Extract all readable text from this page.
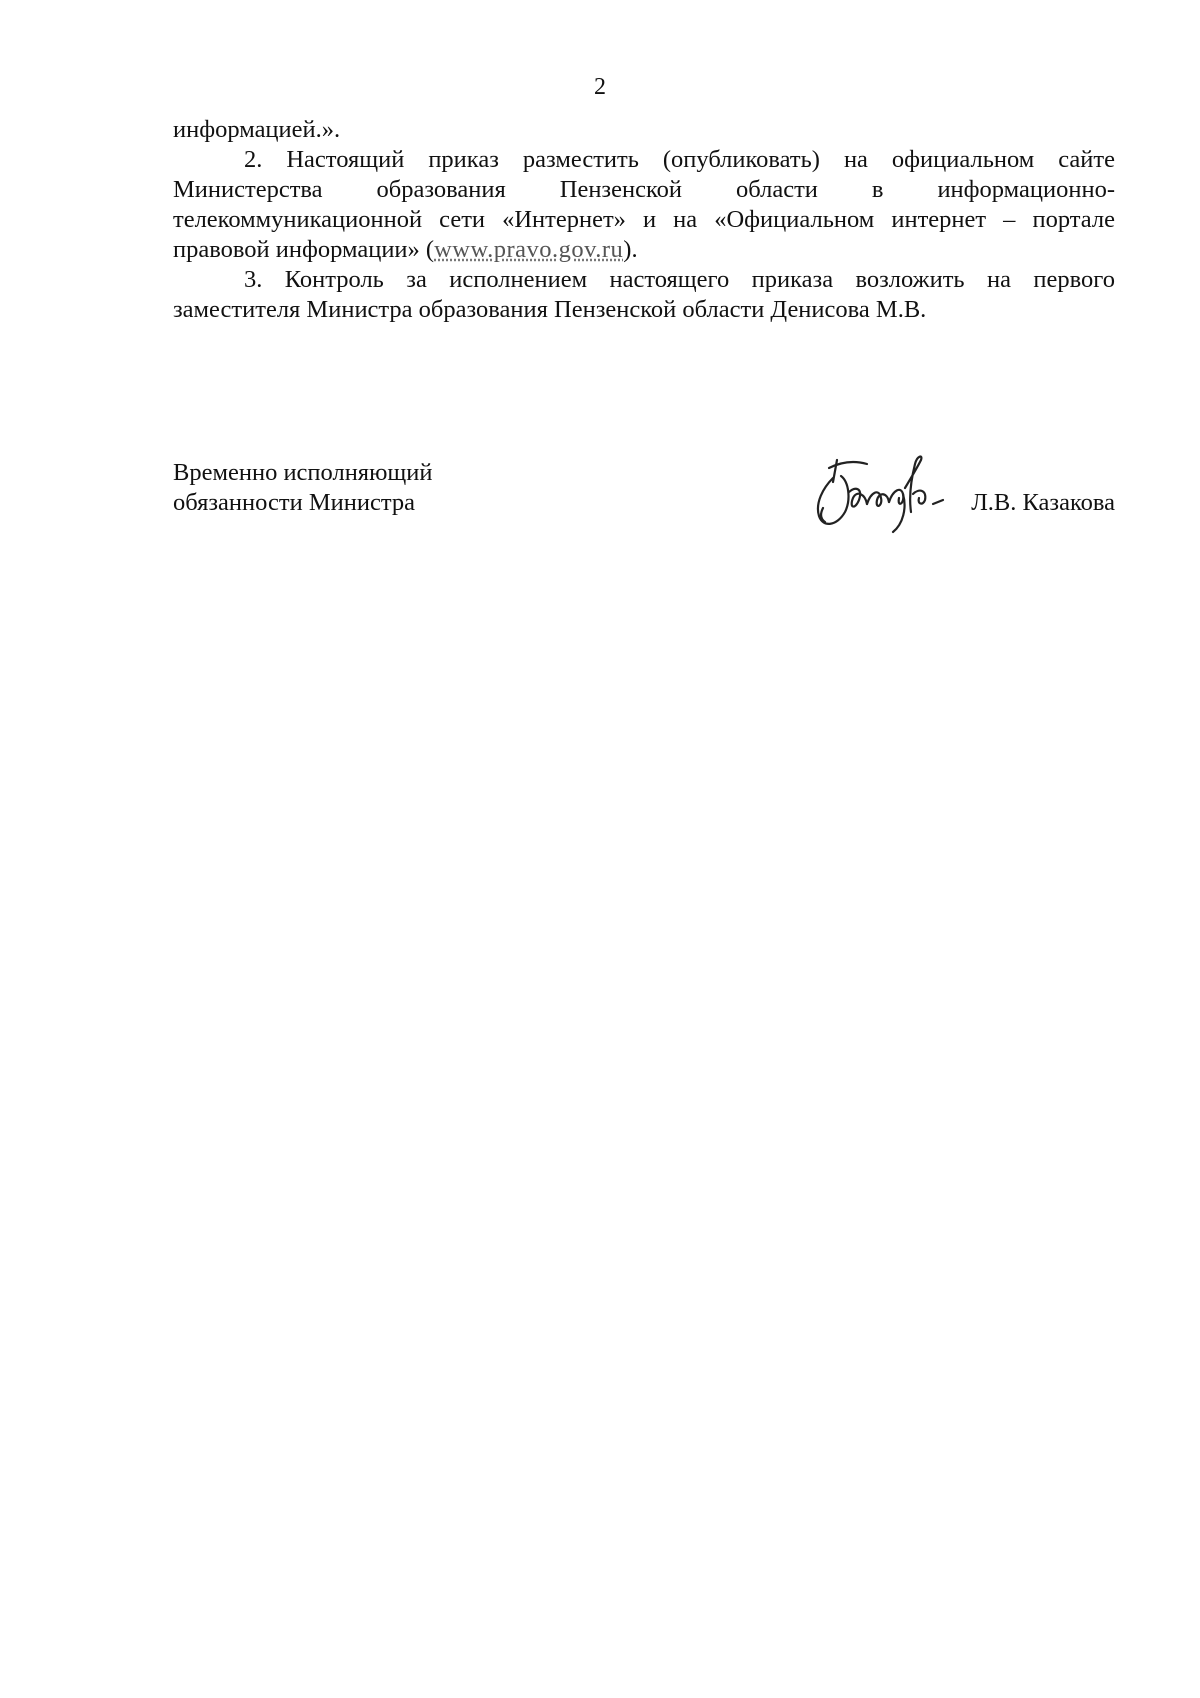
2

информацией.».

2. Настоящий приказ разместить (опубликовать) на официальном сайте Министерства образования Пензенской области в информационно-телекоммуникационной сети «Интернет» и на «Официальном интернет – портале правовой информации» (www.pravo.gov.ru).

3. Контроль за исполнением настоящего приказа возложить на первого заместителя Министра образования Пензенской области Денисова М.В.

Временно исполняющий
обязанности Министра	Л.В. Казакова
